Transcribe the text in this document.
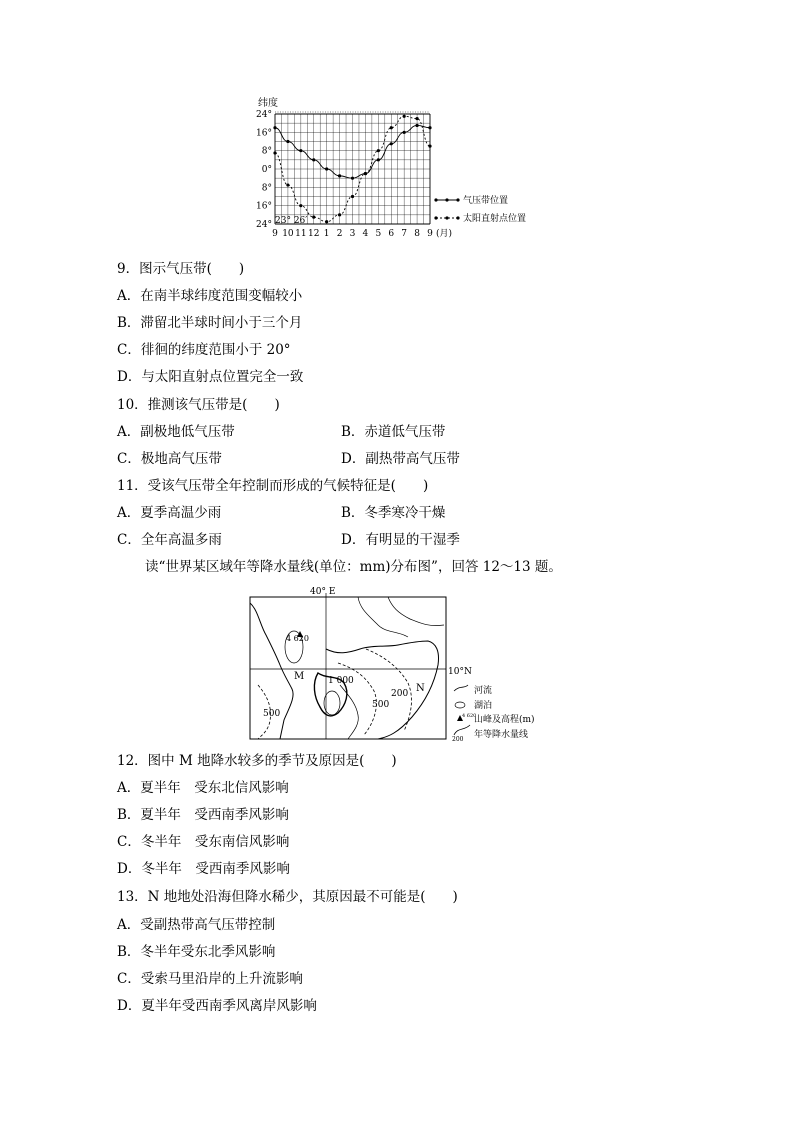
纬度
24°
16°
8°
0°
8°
16°
24°
9 10 11 12 1 2 3 4 5 6 7 8 9 (月)
23° 26′
气压带位置
太阳直射点位置
9．图示气压带(　　)
A．在南半球纬度范围变幅较小
B．滞留北半球时间小于三个月
C．徘徊的纬度范围小于 20°
D．与太阳直射点位置完全一致
10．推测该气压带是(　　)
A．副极地低气压带	B．赤道低气压带
C．极地高气压带	D．副热带高气压带
11．受该气压带全年控制而形成的气候特征是(　　)
A．夏季高温少雨	B．冬季寒冷干燥
C．全年高温多雨	D．有明显的干湿季
读“世界某区域年等降水量线(单位：mm)分布图”，回答 12～13 题。
40° E
10°N
4 620
M
N
1 000
500
200
500
河流
湖泊
4 620
山峰及高程(m)
200 年等降水量线
12．图中 M 地降水较多的季节及原因是(　　)
A．夏半年　受东北信风影响
B．夏半年　受西南季风影响
C．冬半年　受东南信风影响
D．冬半年　受西南季风影响
13．N 地地处沿海但降水稀少，其原因最不可能是(　　)
A．受副热带高气压带控制
B．冬半年受东北季风影响
C．受索马里沿岸的上升流影响
D．夏半年受西南季风离岸风影响
